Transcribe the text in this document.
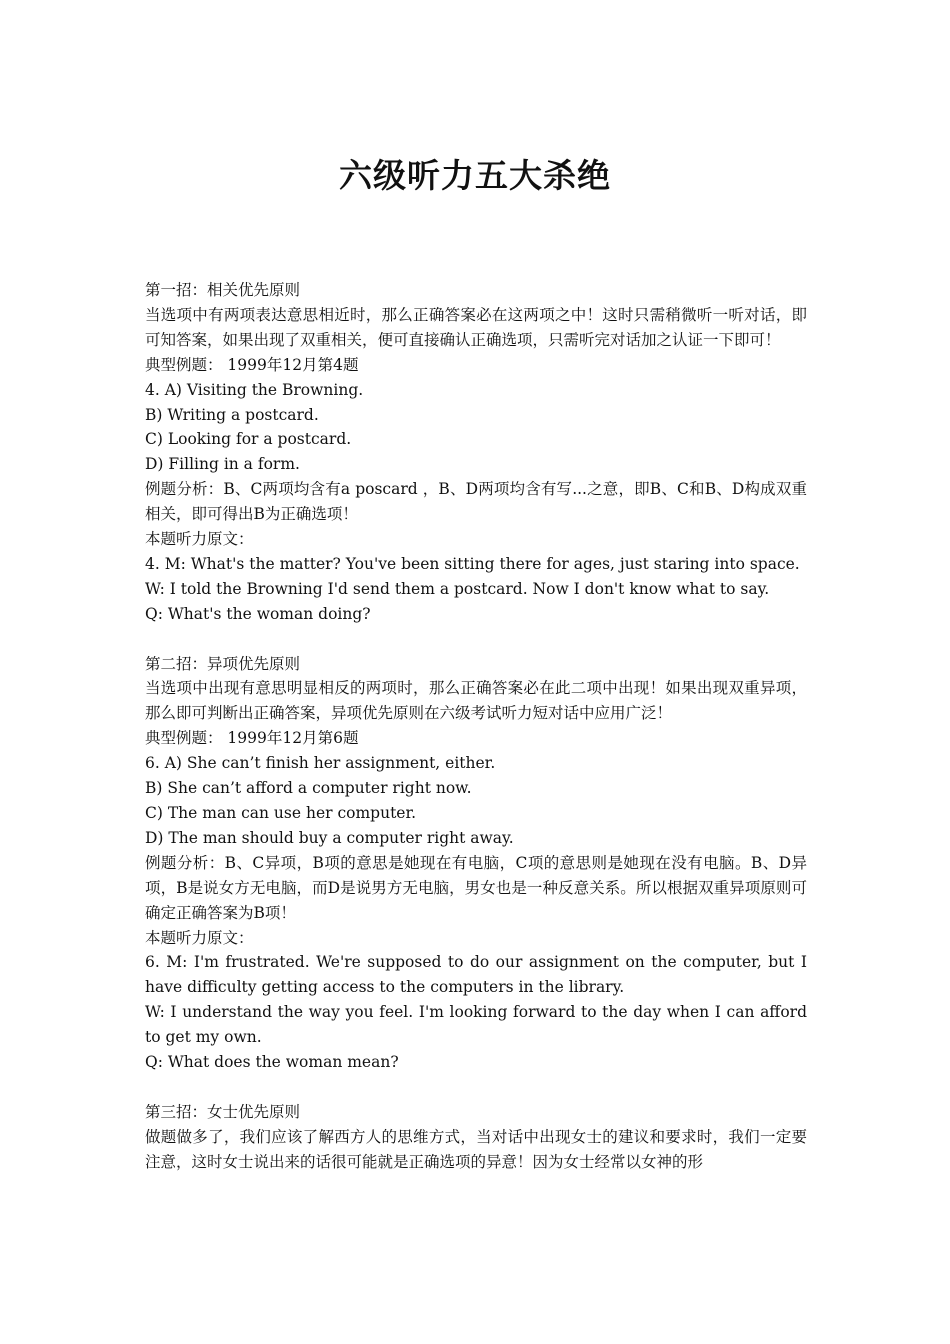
六级听力五大杀绝

第一招：相关优先原则

当选项中有两项表达意思相近时，那么正确答案必在这两项之中！这时只需稍微听一听对话，即可知答案，如果出现了双重相关，便可直接确认正确选项，只需听完对话加之认证一下即可！

典型例题： 1999年12月第4题

4. A) Visiting the Browning.

B) Writing a postcard.

C) Looking for a postcard.

D) Filling in a form.

例题分析：B、C两项均含有a poscard ，B、D两项均含有写...之意，即B、C和B、D构成双重相关，即可得出B为正确选项！

本题听力原文：

4. M: What's the matter? You've been sitting there for ages, just staring into space.

W: I told the Browning I'd send them a postcard. Now I don't know what to say.

Q: What's the woman doing?

第二招：异项优先原则

当选项中出现有意思明显相反的两项时，那么正确答案必在此二项中出现！如果出现双重异项，那么即可判断出正确答案，异项优先原则在六级考试听力短对话中应用广泛！

典型例题： 1999年12月第6题

6. A) She can’t finish her assignment, either.

B) She can’t afford a computer right now.

C) The man can use her computer.

D) The man should buy a computer right away.

例题分析：B、C异项，B项的意思是她现在有电脑，C项的意思则是她现在没有电脑。B、D异项，B是说女方无电脑，而D是说男方无电脑，男女也是一种反意关系。所以根据双重异项原则可确定正确答案为B项！

本题听力原文：

6. M: I'm frustrated. We're supposed to do our assignment on the computer, but I have difficulty getting access to the computers in the library.

W: I understand the way you feel. I'm looking forward to the day when I can afford to get my own.

Q: What does the woman mean?

第三招：女士优先原则

做题做多了，我们应该了解西方人的思维方式，当对话中出现女士的建议和要求时，我们一定要注意，这时女士说出来的话很可能就是正确选项的异意！因为女士经常以女神的形
